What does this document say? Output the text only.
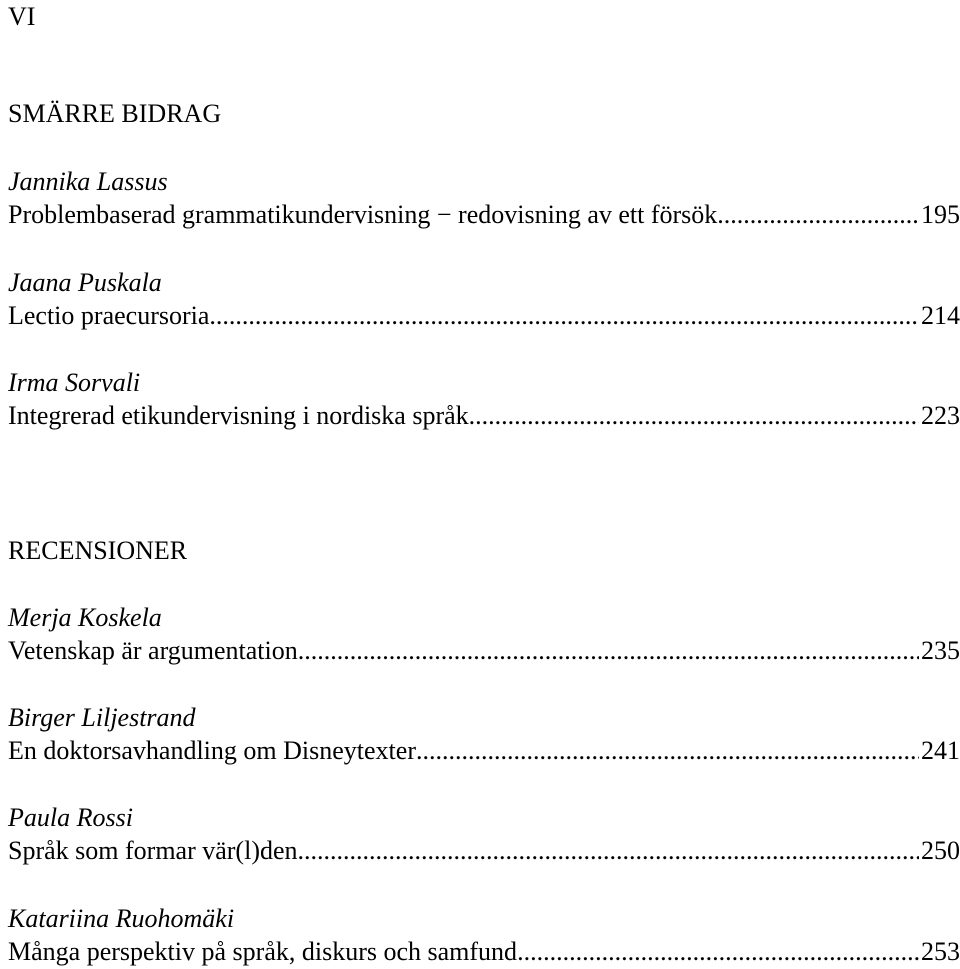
VI
SMÄRRE BIDRAG
Jannika Lassus
Problembaserad grammatikundervisning − redovisning av ett försök .....	195
Jaana Puskala
Lectio praecursoria .....	214
Irma Sorvali
Integrerad etikundervisning i nordiska språk .....	223
RECENSIONER
Merja Koskela
Vetenskap är argumentation .....	235
Birger Liljestrand
En doktorsavhandling om Disneytexter .....	241
Paula Rossi
Språk som formar vär(l)den .....	250
Katariina Ruohomäki
Många perspektiv på språk, diskurs och samfund .....	253
